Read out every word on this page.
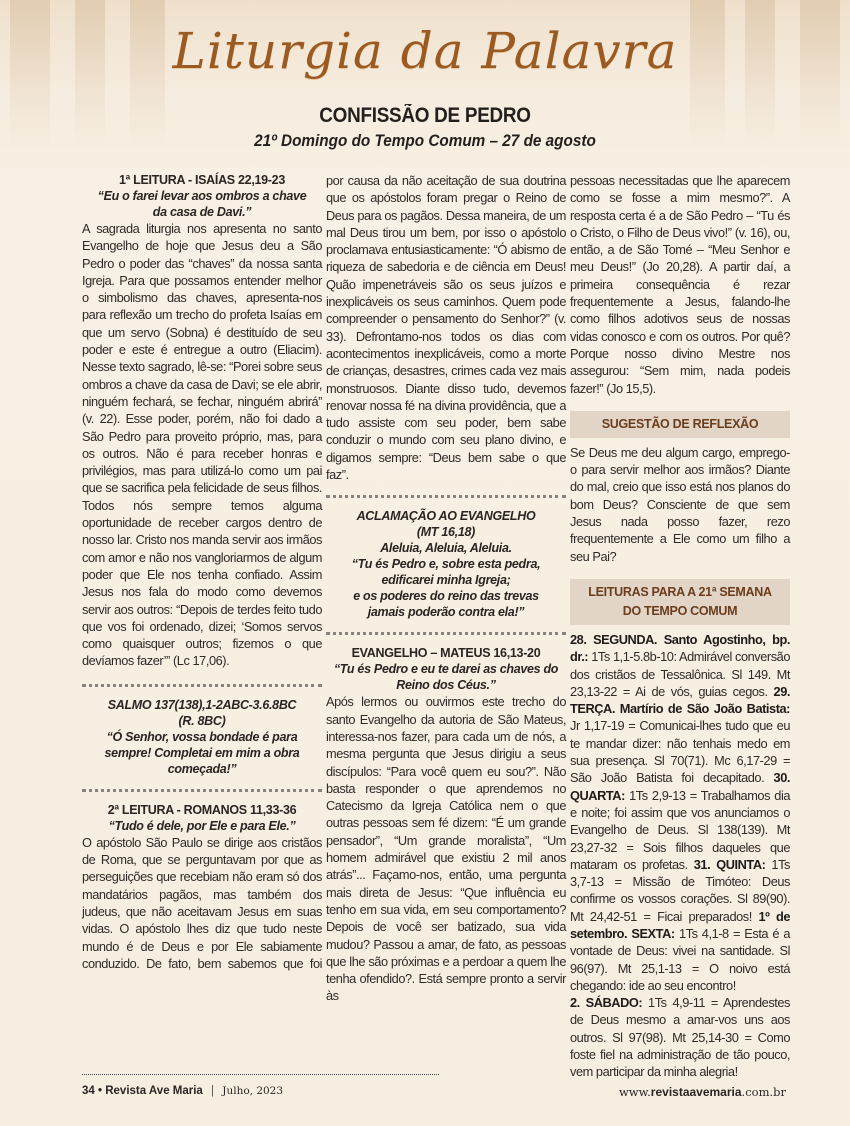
Liturgia da Palavra
CONFISSÃO DE PEDRO
21º Domingo do Tempo Comum – 27 de agosto
1ª LEITURA - ISAÍAS 22,19-23
“Eu o farei levar aos ombros a chave da casa de Davi.”
A sagrada liturgia nos apresenta no santo Evangelho de hoje que Jesus deu a São Pedro o poder das “chaves” da nossa santa Igreja. Para que possamos entender melhor o simbolismo das chaves, apresenta-nos para reflexão um trecho do profeta Isaías em que um servo (Sobna) é destituído de seu poder e este é entregue a outro (Eliacim). Nesse texto sagrado, lê-se: “Porei sobre seus ombros a chave da casa de Davi; se ele abrir, ninguém fechará, se fechar, ninguém abrirá” (v. 22). Esse poder, porém, não foi dado a São Pedro para proveito próprio, mas, para os outros. Não é para receber honras e privilégios, mas para utilizá-lo como um pai que se sacrifica pela felicidade de seus filhos. Todos nós sempre temos alguma oportunidade de receber cargos dentro de nosso lar. Cristo nos manda servir aos irmãos com amor e não nos vangloriarmos de algum poder que Ele nos tenha confiado. Assim Jesus nos fala do modo como devemos servir aos outros: “Depois de terdes feito tudo que vos foi ordenado, dizei; ‘Somos servos como quaisquer outros; fizemos o que devíamos fazer’” (Lc 17,06).
SALMO 137(138),1-2ABC-3.6.8BC
(R. 8BC)
“Ó Senhor, vossa bondade é para sempre! Completai em mim a obra começada!”
2ª LEITURA - ROMANOS 11,33-36
“Tudo é dele, por Ele e para Ele.”
O apóstolo São Paulo se dirige aos cristãos de Roma, que se perguntavam por que as perseguições que recebiam não eram só dos mandatários pagãos, mas também dos judeus, que não aceitavam Jesus em suas vidas. O apóstolo lhes diz que tudo neste mundo é de Deus e por Ele sabiamente conduzido. De fato, bem sabemos que foi
por causa da não aceitação de sua doutrina que os apóstolos foram pregar o Reino de Deus para os pagãos. Dessa maneira, de um mal Deus tirou um bem, por isso o apóstolo proclamava entusiasticamente: “Ó abismo de riqueza de sabedoria e de ciência em Deus! Quão impenetráveis são os seus juízos e inexplicáveis os seus caminhos. Quem pode compreender o pensamento do Senhor?” (v. 33). Defrontamo-nos todos os dias com acontecimentos inexplicáveis, como a morte de crianças, desastres, crimes cada vez mais monstruosos. Diante disso tudo, devemos renovar nossa fé na divina providência, que a tudo assiste com seu poder, bem sabe conduzir o mundo com seu plano divino, e digamos sempre: “Deus bem sabe o que faz”.
ACLAMAÇÃO AO EVANGELHO
(MT 16,18)
Aleluia, Aleluia, Aleluia.
“Tu és Pedro e, sobre esta pedra,
edificarei minha Igreja;
e os poderes do reino das trevas
jamais poderão contra ela!”
EVANGELHO – MATEUS 16,13-20
“Tu és Pedro e eu te darei as chaves do Reino dos Céus.”
Após lermos ou ouvirmos este trecho do santo Evangelho da autoria de São Mateus, interessa-nos fazer, para cada um de nós, a mesma pergunta que Jesus dirigiu a seus discípulos: “Para você quem eu sou?”. Não basta responder o que aprendemos no Catecismo da Igreja Católica nem o que outras pessoas sem fé dizem: “É um grande pensador”, “Um grande moralista”, “Um homem admirável que existiu 2 mil anos atrás”... Façamo-nos, então, uma pergunta mais direta de Jesus: “Que influência eu tenho em sua vida, em seu comportamento? Depois de você ser batizado, sua vida mudou? Passou a amar, de fato, as pessoas que lhe são próximas e a perdoar a quem lhe tenha ofendido?. Está sempre pronto a servir às
pessoas necessitadas que lhe aparecem como se fosse a mim mesmo?”. A resposta certa é a de São Pedro – “Tu és o Cristo, o Filho de Deus vivo!” (v. 16), ou, então, a de São Tomé – “Meu Senhor e meu Deus!” (Jo 20,28). A partir daí, a primeira consequência é rezar frequentemente a Jesus, falando-lhe como filhos adotivos seus de nossas vidas conosco e com os outros. Por quê? Porque nosso divino Mestre nos assegurou: “Sem mim, nada podeis fazer!” (Jo 15,5).
SUGESTÃO DE REFLEXÃO
Se Deus me deu algum cargo, emprego-o para servir melhor aos irmãos? Diante do mal, creio que isso está nos planos do bom Deus? Consciente de que sem Jesus nada posso fazer, rezo frequentemente a Ele como um filho a seu Pai?
LEITURAS PARA A 21ª SEMANA
DO TEMPO COMUM
28. SEGUNDA. Santo Agostinho, bp. dr.: 1Ts 1,1-5.8b-10: Admirável conversão dos cristãos de Tessalônica. Sl 149. Mt 23,13-22 = Ai de vós, guias cegos. 29. TERÇA. Martírio de São João Batista: Jr 1,17-19 = Comunicai-lhes tudo que eu te mandar dizer: não tenhais medo em sua presença. Sl 70(71). Mc 6,17-29 = São João Batista foi decapitado. 30. QUARTA: 1Ts 2,9-13 = Trabalhamos dia e noite; foi assim que vos anunciamos o Evangelho de Deus. Sl 138(139). Mt 23,27-32 = Sois filhos daqueles que mataram os profetas. 31. QUINTA: 1Ts 3,7-13 = Missão de Timóteo: Deus confirme os vossos corações. Sl 89(90). Mt 24,42-51 = Ficai preparados! 1º de setembro. SEXTA: 1Ts 4,1-8 = Esta é a vontade de Deus: vivei na santidade. Sl 96(97). Mt 25,1-13 = O noivo está chegando: ide ao seu encontro!
2. SÁBADO: 1Ts 4,9-11 = Aprendestes de Deus mesmo a amar-vos uns aos outros. Sl 97(98). Mt 25,14-30 = Como foste fiel na administração de tão pouco, vem participar da minha alegria!
34 • Revista Ave Maria | Julho, 2023	www.revistaavemaria.com.br
